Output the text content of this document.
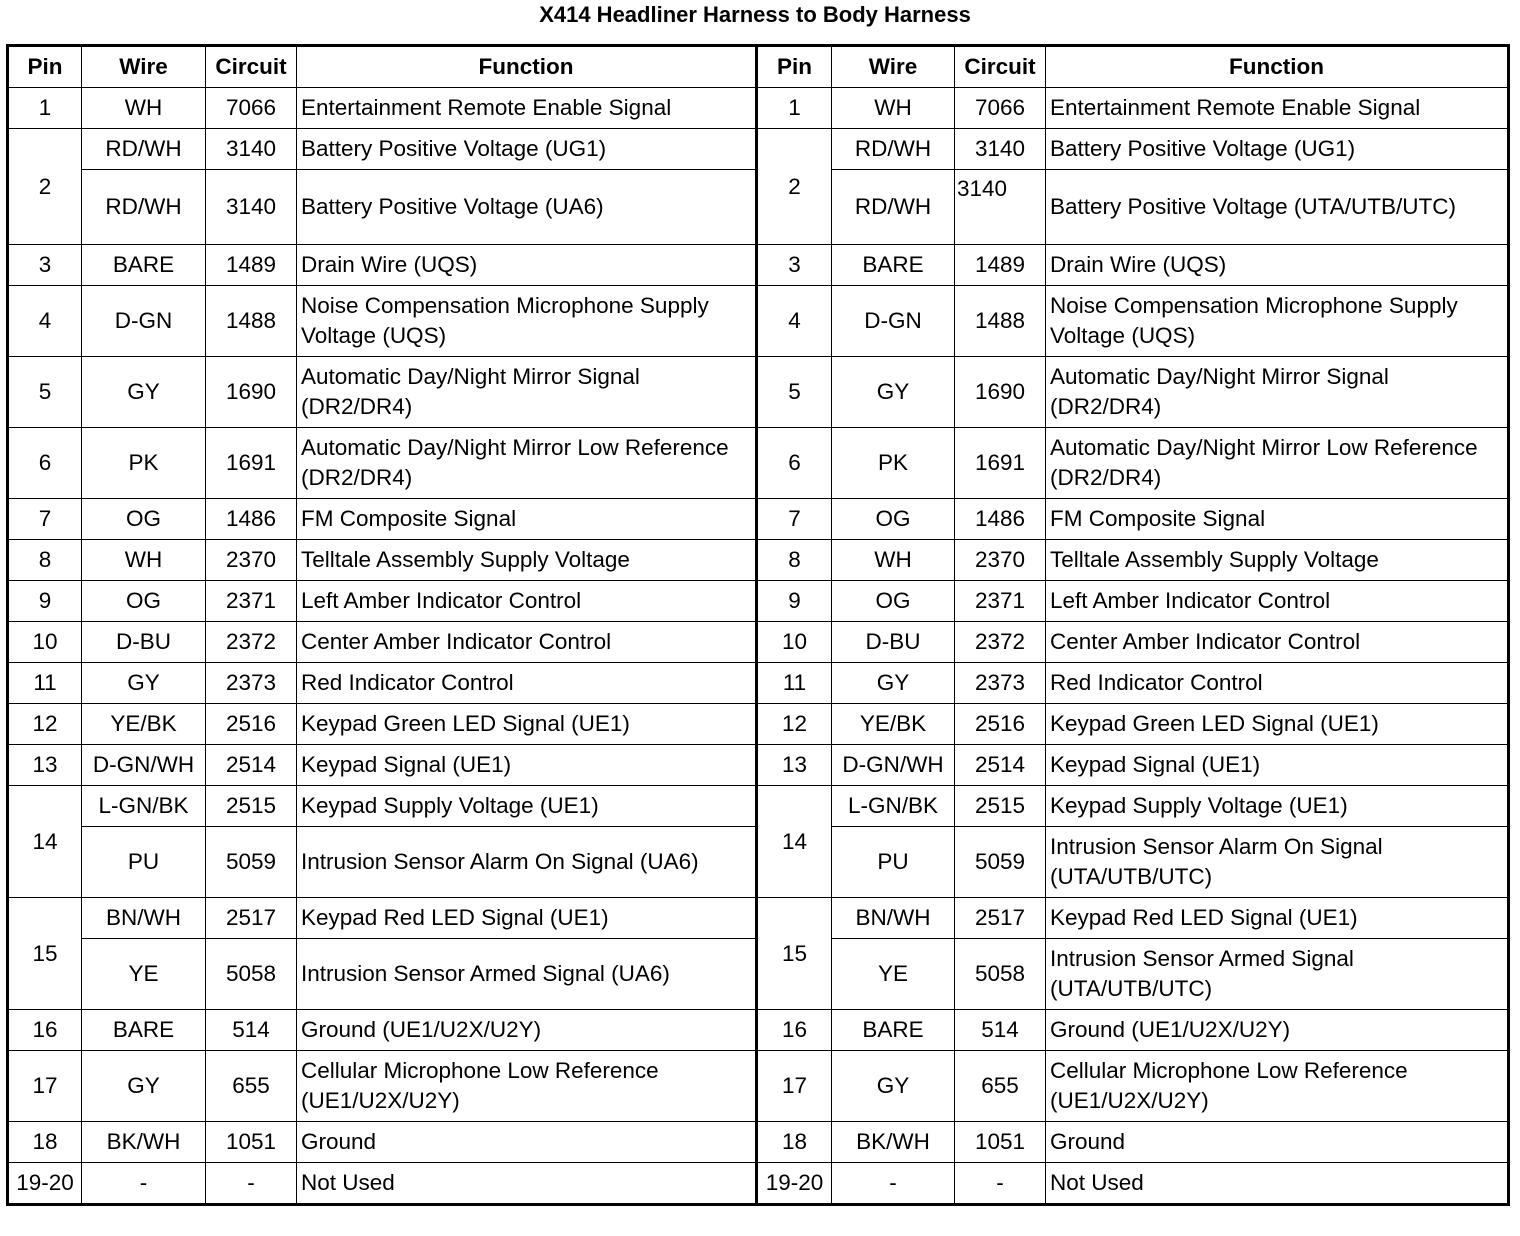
X414 Headliner Harness to Body Harness
Pin	Wire	Circuit	Function	Pin	Wire	Circuit	Function
1	WH	7066	Entertainment Remote Enable Signal	1	WH	7066	Entertainment Remote Enable Signal
2	RD/WH	3140	Battery Positive Voltage (UG1)	2	RD/WH	3140	Battery Positive Voltage (UG1)
	RD/WH	3140	Battery Positive Voltage (UA6)		RD/WH	3140	Battery Positive Voltage (UTA/UTB/UTC)
3	BARE	1489	Drain Wire (UQS)	3	BARE	1489	Drain Wire (UQS)
4	D-GN	1488	Noise Compensation Microphone Supply Voltage (UQS)	4	D-GN	1488	Noise Compensation Microphone Supply Voltage (UQS)
5	GY	1690	Automatic Day/Night Mirror Signal (DR2/DR4)	5	GY	1690	Automatic Day/Night Mirror Signal (DR2/DR4)
6	PK	1691	Automatic Day/Night Mirror Low Reference (DR2/DR4)	6	PK	1691	Automatic Day/Night Mirror Low Reference (DR2/DR4)
7	OG	1486	FM Composite Signal	7	OG	1486	FM Composite Signal
8	WH	2370	Telltale Assembly Supply Voltage	8	WH	2370	Telltale Assembly Supply Voltage
9	OG	2371	Left Amber Indicator Control	9	OG	2371	Left Amber Indicator Control
10	D-BU	2372	Center Amber Indicator Control	10	D-BU	2372	Center Amber Indicator Control
11	GY	2373	Red Indicator Control	11	GY	2373	Red Indicator Control
12	YE/BK	2516	Keypad Green LED Signal (UE1)	12	YE/BK	2516	Keypad Green LED Signal (UE1)
13	D-GN/WH	2514	Keypad Signal (UE1)	13	D-GN/WH	2514	Keypad Signal (UE1)
14	L-GN/BK	2515	Keypad Supply Voltage (UE1)	14	L-GN/BK	2515	Keypad Supply Voltage (UE1)
	PU	5059	Intrusion Sensor Alarm On Signal (UA6)		PU	5059	Intrusion Sensor Alarm On Signal (UTA/UTB/UTC)
15	BN/WH	2517	Keypad Red LED Signal (UE1)	15	BN/WH	2517	Keypad Red LED Signal (UE1)
	YE	5058	Intrusion Sensor Armed Signal (UA6)		YE	5058	Intrusion Sensor Armed Signal (UTA/UTB/UTC)
16	BARE	514	Ground (UE1/U2X/U2Y)	16	BARE	514	Ground (UE1/U2X/U2Y)
17	GY	655	Cellular Microphone Low Reference (UE1/U2X/U2Y)	17	GY	655	Cellular Microphone Low Reference (UE1/U2X/U2Y)
18	BK/WH	1051	Ground	18	BK/WH	1051	Ground
19-20	-	-	Not Used	19-20	-	-	Not Used
